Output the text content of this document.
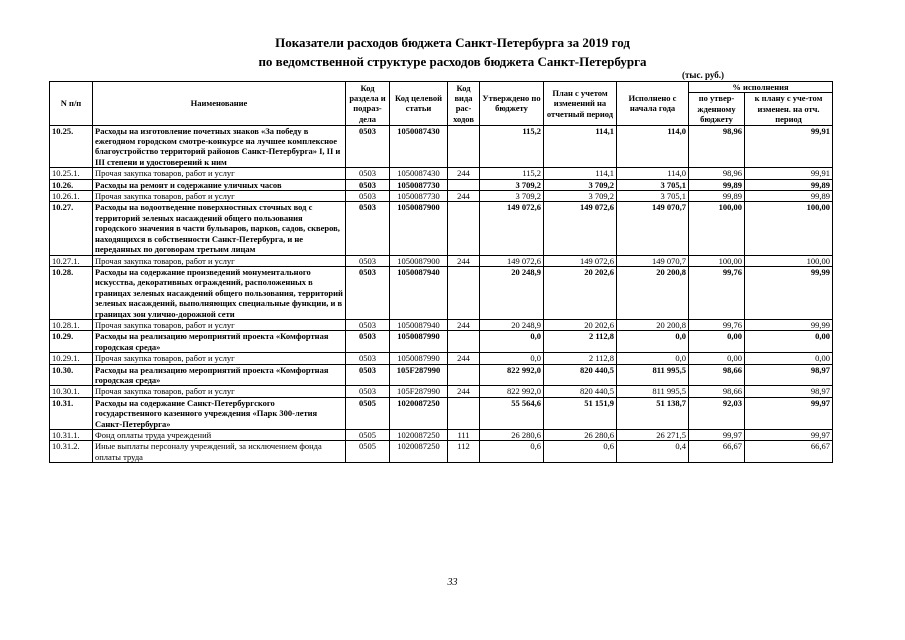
Показатели расходов бюджета Санкт-Петербурга за 2019 год
по ведомственной структуре расходов бюджета Санкт-Петербурга
(тыс. руб.)
N п/п	Наименование	Код раздела и подраз-дела	Код целевой статьи	Код вида рас-ходов	Утверждено по бюджету	План с учетом изменений на отчетный период	Исполнено с начала года	% исполнения	
								по утвер-жденному бюджету	к плану с уче-том изменен. на отч. период
10.25.	Расходы на изготовление почетных знаков «За победу в ежегодном городском смотре-конкурсе на лучшее комплексное благоустройство территорий районов Санкт-Петербурга» I, II и III степени и удостоверений к ним	0503	1050087430		115,2	114,1	114,0	98,96	99,91
10.25.1.	Прочая закупка товаров, работ и услуг	0503	1050087430	244	115,2	114,1	114,0	98,96	99,91
10.26.	Расходы на ремонт и содержание уличных часов	0503	1050087730		3 709,2	3 709,2	3 705,1	99,89	99,89
10.26.1.	Прочая закупка товаров, работ и услуг	0503	1050087730	244	3 709,2	3 709,2	3 705,1	99,89	99,89
10.27.	Расходы на водоотведение поверхностных сточных вод с территорий зеленых насаждений общего пользования городского значения в части бульваров, парков, садов, скверов, находящихся в собственности Санкт-Петербурга, и не переданных по договорам третьим лицам	0503	1050087900		149 072,6	149 072,6	149 070,7	100,00	100,00
10.27.1.	Прочая закупка товаров, работ и услуг	0503	1050087900	244	149 072,6	149 072,6	149 070,7	100,00	100,00
10.28.	Расходы на содержание произведений монументального искусства, декоративных ограждений, расположенных в границах зеленых насаждений общего пользования, территорий зеленых насаждений, выполняющих специальные функции, и в границах зон улично-дорожной сети	0503	1050087940		20 248,9	20 202,6	20 200,8	99,76	99,99
10.28.1.	Прочая закупка товаров, работ и услуг	0503	1050087940	244	20 248,9	20 202,6	20 200,8	99,76	99,99
10.29.	Расходы на реализацию мероприятий проекта «Комфортная городская среда»	0503	1050087990		0,0	2 112,8	0,0	0,00	0,00
10.29.1.	Прочая закупка товаров, работ и услуг	0503	1050087990	244	0,0	2 112,8	0,0	0,00	0,00
10.30.	Расходы на реализацию мероприятий проекта «Комфортная городская среда»	0503	105F287990		822 992,0	820 440,5	811 995,5	98,66	98,97
10.30.1.	Прочая закупка товаров, работ и услуг	0503	105F287990	244	822 992,0	820 440,5	811 995,5	98,66	98,97
10.31.	Расходы на содержание Санкт-Петербургского государственного казенного учреждения «Парк 300-летия Санкт-Петербурга»	0505	1020087250		55 564,6	51 151,9	51 138,7	92,03	99,97
10.31.1.	Фонд оплаты труда учреждений	0505	1020087250	111	26 280,6	26 280,6	26 271,5	99,97	99,97
10.31.2.	Иные выплаты персоналу учреждений, за исключением фонда оплаты труда	0505	1020087250	112	0,6	0,6	0,4	66,67	66,67
33
